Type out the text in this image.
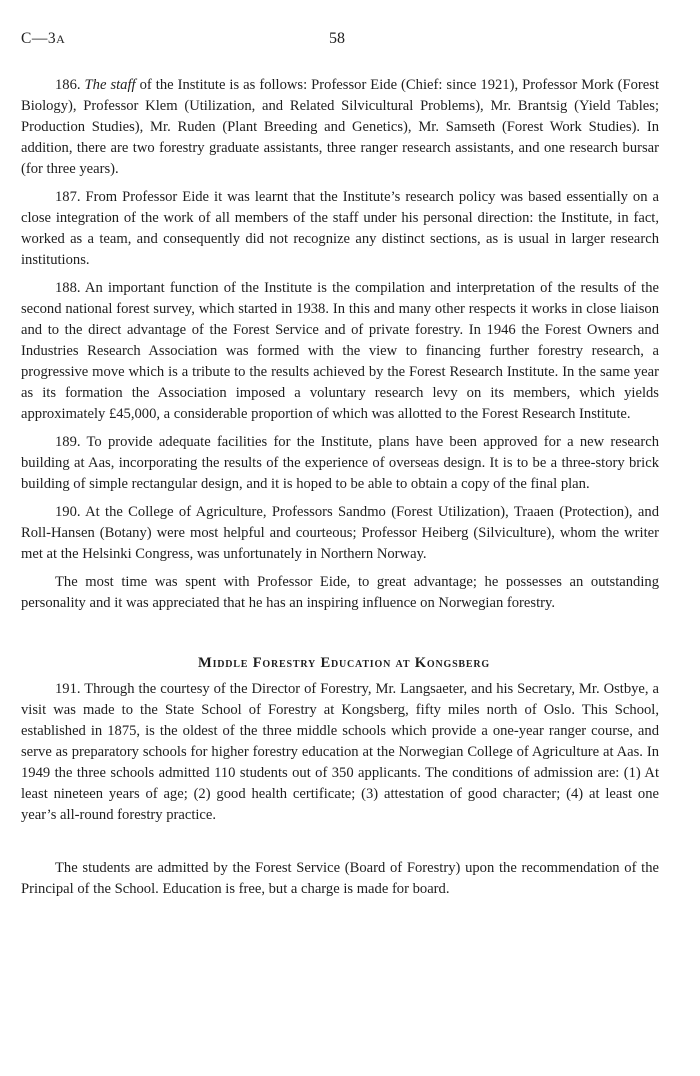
C—3A	58

186. The staff of the Institute is as follows: Professor Eide (Chief: since 1921), Professor Mork (Forest Biology), Professor Klem (Utilization, and Related Silvicultural Problems), Mr. Brantsig (Yield Tables; Production Studies), Mr. Ruden (Plant Breeding and Genetics), Mr. Samseth (Forest Work Studies). In addition, there are two forestry graduate assistants, three ranger research assistants, and one research bursar (for three years).

187. From Professor Eide it was learnt that the Institute’s research policy was based essentially on a close integration of the work of all members of the staff under his personal direction: the Institute, in fact, worked as a team, and consequently did not recognize any distinct sections, as is usual in larger research institutions.

188. An important function of the Institute is the compilation and interpretation of the results of the second national forest survey, which started in 1938. In this and many other respects it works in close liaison and to the direct advantage of the Forest Service and of private forestry. In 1946 the Forest Owners and Industries Research Association was formed with the view to financing further forestry research, a progressive move which is a tribute to the results achieved by the Forest Research Institute. In the same year as its formation the Association imposed a voluntary research levy on its members, which yields approximately £45,000, a considerable proportion of which was allotted to the Forest Research Institute.

189. To provide adequate facilities for the Institute, plans have been approved for a new research building at Aas, incorporating the results of the experience of overseas design. It is to be a three-story brick building of simple rectangular design, and it is hoped to be able to obtain a copy of the final plan.

190. At the College of Agriculture, Professors Sandmo (Forest Utilization), Traaen (Protection), and Roll-Hansen (Botany) were most helpful and courteous; Professor Heiberg (Silviculture), whom the writer met at the Helsinki Congress, was unfortunately in Northern Norway.

The most time was spent with Professor Eide, to great advantage; he possesses an outstanding personality and it was appreciated that he has an inspiring influence on Norwegian forestry.

Middle Forestry Education at Kongsberg

191. Through the courtesy of the Director of Forestry, Mr. Langsaeter, and his Secretary, Mr. Ostbye, a visit was made to the State School of Forestry at Kongsberg, fifty miles north of Oslo. This School, established in 1875, is the oldest of the three middle schools which provide a one-year ranger course, and serve as preparatory schools for higher forestry education at the Norwegian College of Agriculture at Aas. In 1949 the three schools admitted 110 students out of 350 applicants. The conditions of admission are: (1) At least nineteen years of age; (2) good health certificate; (3) attestation of good character; (4) at least one year’s all-round forestry practice.

The students are admitted by the Forest Service (Board of Forestry) upon the recommendation of the Principal of the School. Education is free, but a charge is made for board.
